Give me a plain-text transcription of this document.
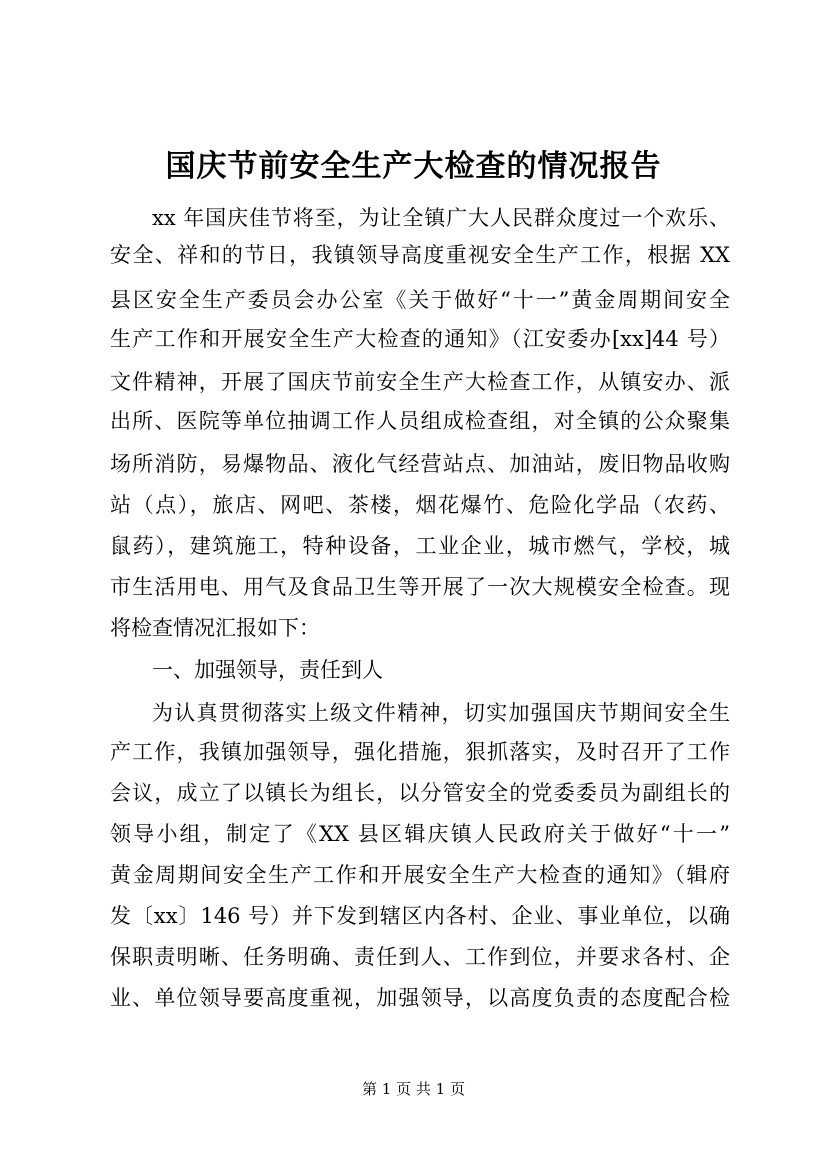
国庆节前安全生产大检查的情况报告
xx 年国庆佳节将至，为让全镇广大人民群众度过一个欢乐、
安全、祥和的节日，我镇领导高度重视安全生产工作，根据 XX
县区安全生产委员会办公室《关于做好“十一”黄金周期间安全
生产工作和开展安全生产大检查的通知》（江安委办[xx]44 号）
文件精神，开展了国庆节前安全生产大检查工作，从镇安办、派
出所、医院等单位抽调工作人员组成检查组，对全镇的公众聚集
场所消防，易爆物品、液化气经营站点、加油站，废旧物品收购
站（点），旅店、网吧、茶楼，烟花爆竹、危险化学品（农药、
鼠药），建筑施工，特种设备，工业企业，城市燃气，学校，城
市生活用电、用气及食品卫生等开展了一次大规模安全检查。现
将检查情况汇报如下：
一、加强领导，责任到人
为认真贯彻落实上级文件精神，切实加强国庆节期间安全生
产工作，我镇加强领导，强化措施，狠抓落实，及时召开了工作
会议，成立了以镇长为组长，以分管安全的党委委员为副组长的
领导小组，制定了《XX 县区辑庆镇人民政府关于做好“十一”
黄金周期间安全生产工作和开展安全生产大检查的通知》（辑府
发〔xx〕146 号）并下发到辖区内各村、企业、事业单位，以确
保职责明晰、任务明确、责任到人、工作到位，并要求各村、企
业、单位领导要高度重视，加强领导，以高度负责的态度配合检
第 1 页 共 1 页
